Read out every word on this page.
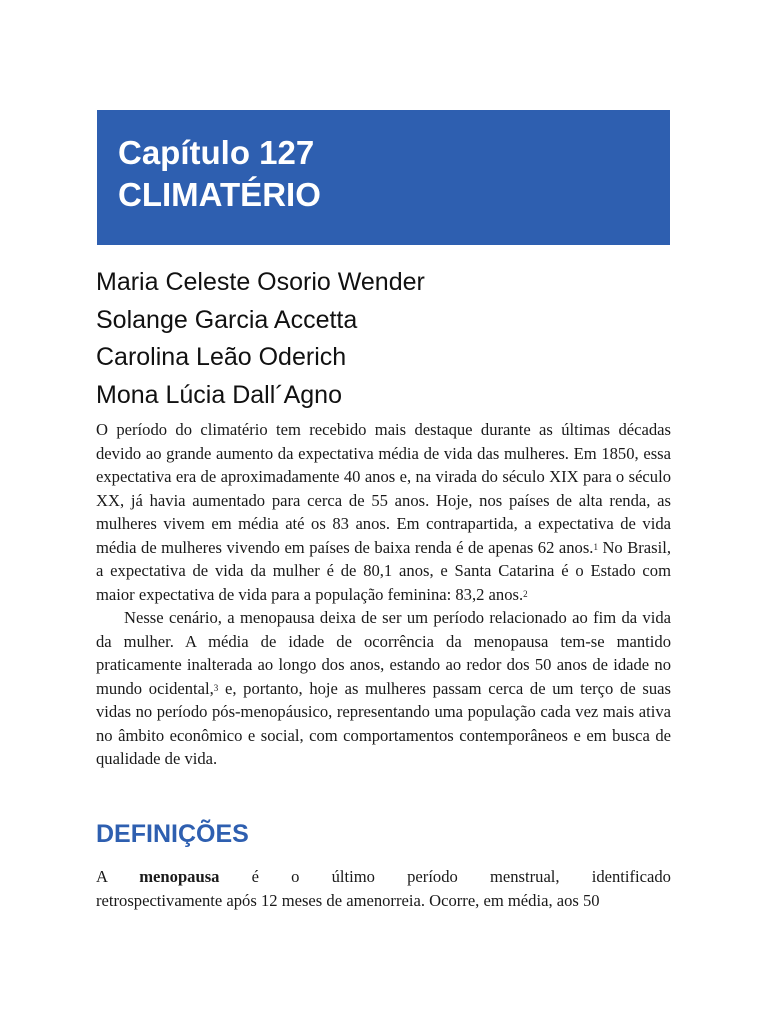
Capítulo 127
CLIMATÉRIO
Maria Celeste Osorio Wender
Solange Garcia Accetta
Carolina Leão Oderich
Mona Lúcia Dall´Agno

O período do climatério tem recebido mais destaque durante as últimas décadas devido ao grande aumento da expectativa média de vida das mulheres. Em 1850, essa expectativa era de aproximadamente 40 anos e, na virada do século XIX para o século XX, já havia aumentado para cerca de 55 anos. Hoje, nos países de alta renda, as mulheres vivem em média até os 83 anos. Em contrapartida, a expectativa de vida média de mulheres vivendo em países de baixa renda é de apenas 62 anos.$^1$ No Brasil, a expectativa de vida da mulher é de 80,1 anos, e Santa Catarina é o Estado com maior expectativa de vida para a população feminina: 83,2 anos.$^2$

Nesse cenário, a menopausa deixa de ser um período relacionado ao fim da vida da mulher. A média de idade de ocorrência da menopausa tem-se mantido praticamente inalterada ao longo dos anos, estando ao redor dos 50 anos de idade no mundo ocidental,$^3$ e, portanto, hoje as mulheres passam cerca de um terço de suas vidas no período pós-menopáusico, representando uma população cada vez mais ativa no âmbito econômico e social, com comportamentos contemporâneos e em busca de qualidade de vida.

DEFINIÇÕES
A menopausa é o último período menstrual, identificado
retrospectivamente após 12 meses de amenorreia. Ocorre, em média, aos 50
